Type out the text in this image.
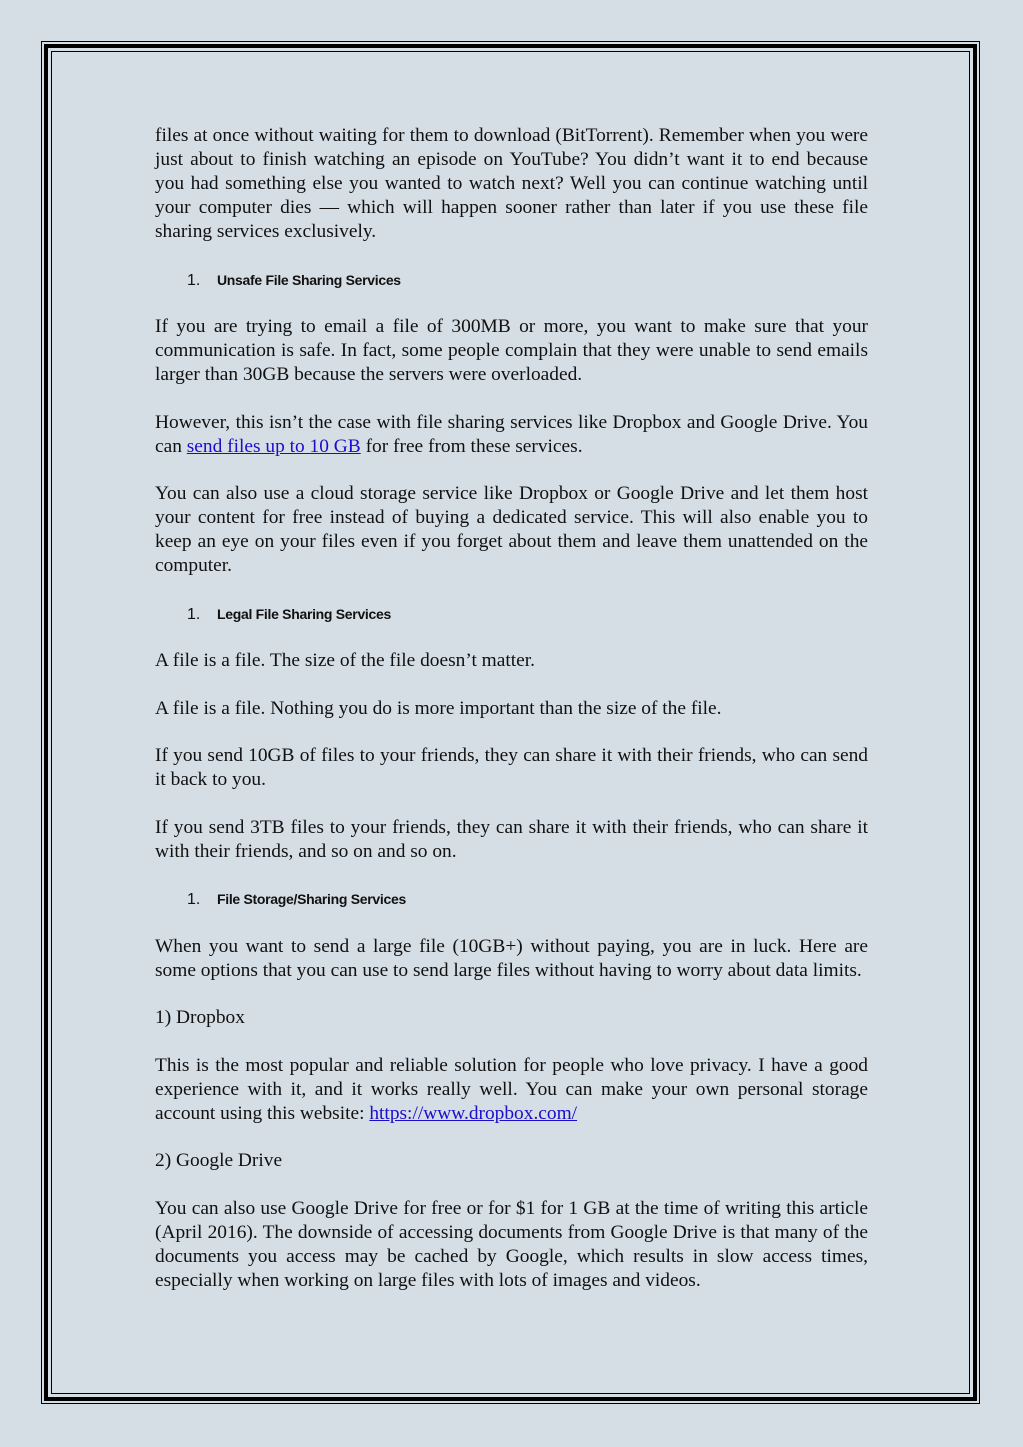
files at once without waiting for them to download (BitTorrent). Remember when you were just about to finish watching an episode on YouTube? You didn’t want it to end because you had something else you wanted to watch next? Well you can continue watching until your computer dies — which will happen sooner rather than later if you use these file sharing services exclusively.

1.	Unsafe File Sharing Services

If you are trying to email a file of 300MB or more, you want to make sure that your communication is safe. In fact, some people complain that they were unable to send emails larger than 30GB because the servers were overloaded.

However, this isn’t the case with file sharing services like Dropbox and Google Drive. You can send files up to 10 GB for free from these services.

You can also use a cloud storage service like Dropbox or Google Drive and let them host your content for free instead of buying a dedicated service. This will also enable you to keep an eye on your files even if you forget about them and leave them unattended on the computer.

1.	Legal File Sharing Services

A file is a file. The size of the file doesn’t matter.

A file is a file. Nothing you do is more important than the size of the file.

If you send 10GB of files to your friends, they can share it with their friends, who can send it back to you.

If you send 3TB files to your friends, they can share it with their friends, who can share it with their friends, and so on and so on.

1.	File Storage/Sharing Services

When you want to send a large file (10GB+) without paying, you are in luck. Here are some options that you can use to send large files without having to worry about data limits.

1) Dropbox

This is the most popular and reliable solution for people who love privacy. I have a good experience with it, and it works really well. You can make your own personal storage account using this website: https://www.dropbox.com/

2) Google Drive

You can also use Google Drive for free or for $1 for 1 GB at the time of writing this article (April 2016). The downside of accessing documents from Google Drive is that many of the documents you access may be cached by Google, which results in slow access times, especially when working on large files with lots of images and videos.
